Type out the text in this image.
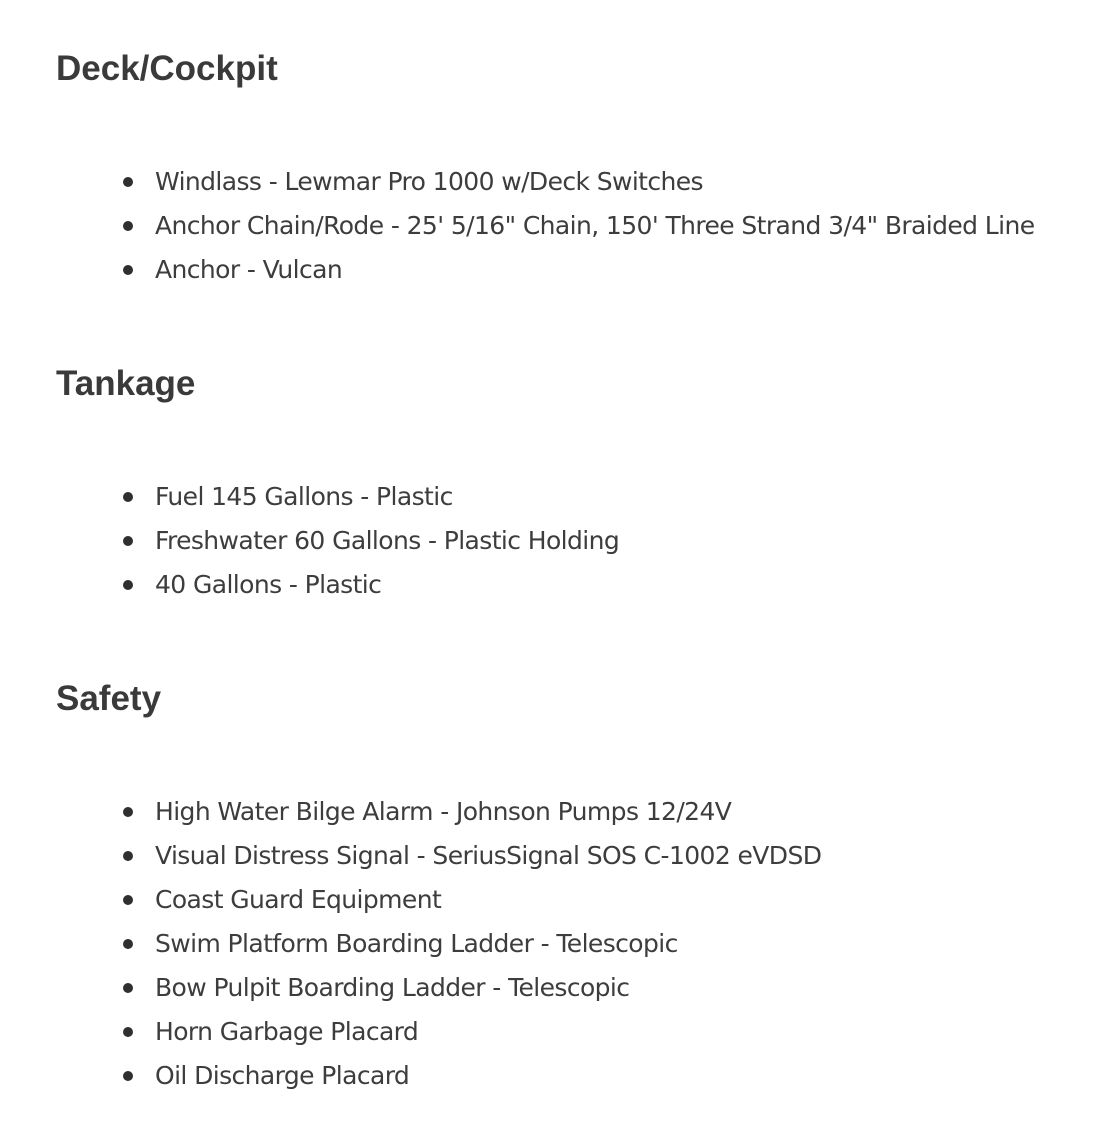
Deck/Cockpit
Windlass - Lewmar Pro 1000 w/Deck Switches
Anchor Chain/Rode - 25' 5/16" Chain, 150' Three Strand 3/4" Braided Line
Anchor - Vulcan
Tankage
Fuel 145 Gallons - Plastic
Freshwater 60 Gallons - Plastic Holding
40 Gallons - Plastic
Safety
High Water Bilge Alarm - Johnson Pumps 12/24V
Visual Distress Signal - SeriusSignal SOS C-1002 eVDSD
Coast Guard Equipment
Swim Platform Boarding Ladder - Telescopic
Bow Pulpit Boarding Ladder - Telescopic
Horn Garbage Placard
Oil Discharge Placard
